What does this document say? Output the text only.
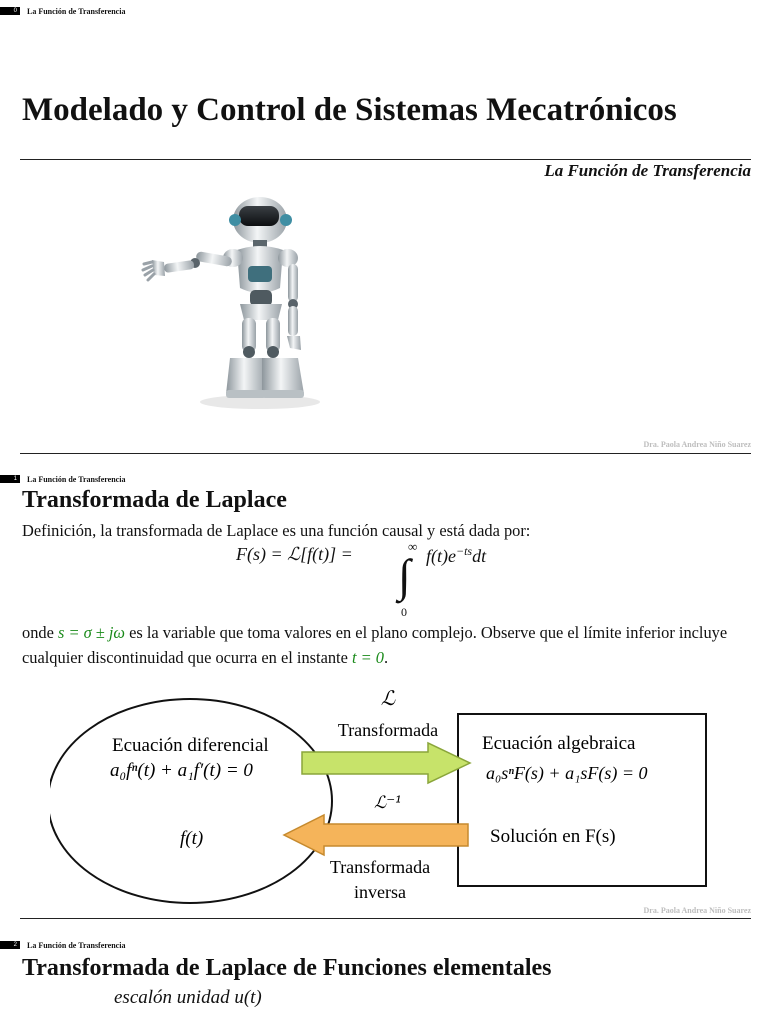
0	La Función de Transferencia
Modelado y Control de Sistemas Mecatrónicos
La Función de Transferencia
Dra. Paola Andrea Niño Suarez
1	La Función de Transferencia
Transformada de Laplace
Definición, la transformada de Laplace es una función causal y está dada por:
F(s) = ℒ[f(t)] =	∞
∫
0
$f(t)e^{-ts}dt$
onde s = σ ± jω es la variable que toma valores en el plano complejo. Observe que el límite inferior incluye cualquier discontinuidad que ocurra en el instante t = 0.
ℒ
Transformada
ℒ⁻¹
Transformada
inversa
Ecuación diferencial
a₀fⁿ(t) + a₁f′(t) = 0
f(t)
Ecuación algebraica
a₀sⁿF(s) + a₁sF(s) = 0
Solución en F(s)
Dra. Paola Andrea Niño Suarez
2	La Función de Transferencia
Transformada de Laplace de Funciones elementales
escalón unidad u(t)
